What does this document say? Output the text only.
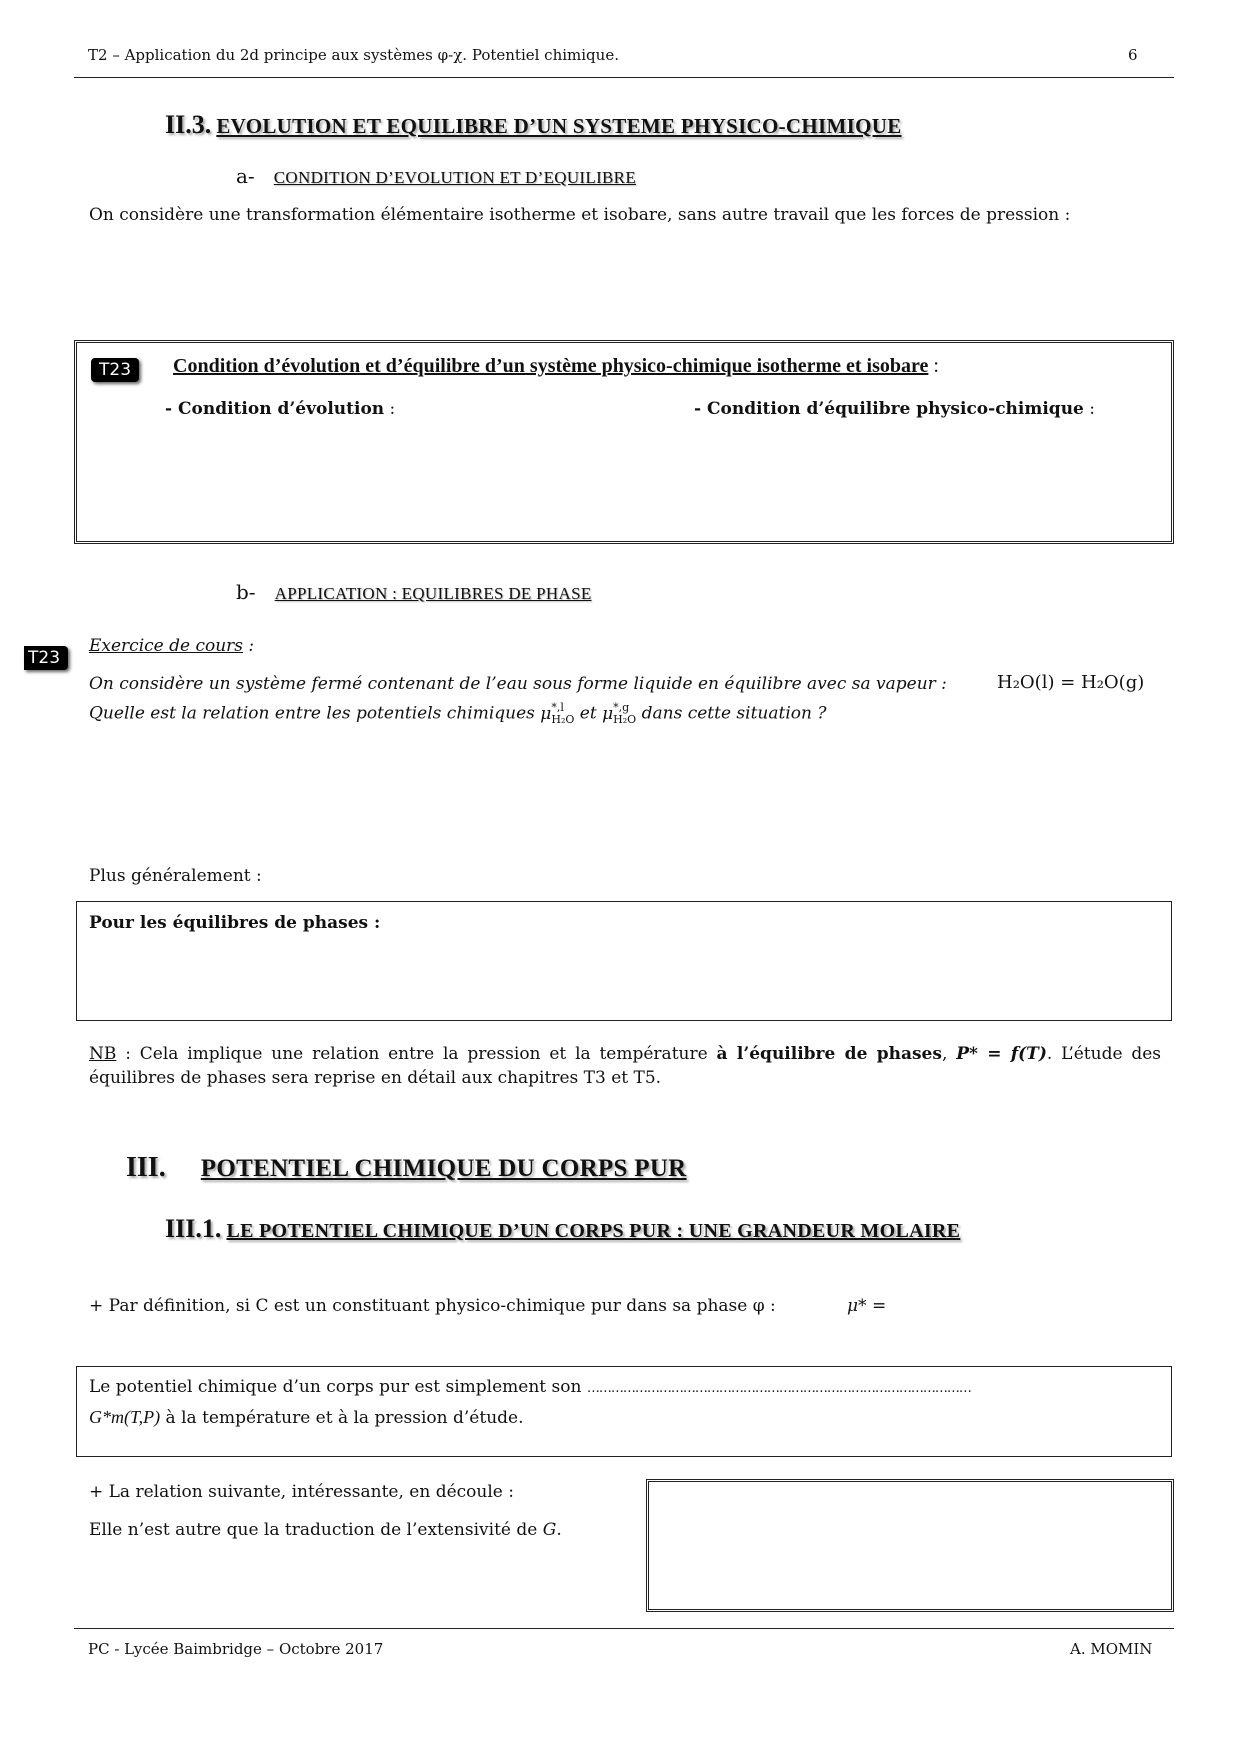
T2 – Application du 2d principe aux systèmes φ-χ. Potentiel chimique.	6
II.3. EVOLUTION ET EQUILIBRE D’UN SYSTEME PHYSICO-CHIMIQUE
a- CONDITION D’EVOLUTION ET D’EQUILIBRE
On considère une transformation élémentaire isotherme et isobare, sans autre travail que les forces de pression :
T23	Condition d’évolution et d’équilibre d’un système physico-chimique isotherme et isobare :
- Condition d’évolution :	- Condition d’équilibre physico-chimique :
b- APPLICATION : EQUILIBRES DE PHASE
T23
Exercice de cours :
On considère un système fermé contenant de l’eau sous forme liquide en équilibre avec sa vapeur :	H₂O(l) = H₂O(g)
Quelle est la relation entre les potentiels chimiques μ *,l
H₂O et μ *,g
H₂O dans cette situation ?
Plus généralement :
Pour les équilibres de phases :
NB : Cela implique une relation entre la pression et la température à l’équilibre de phases, P* = f(T). L’étude des équilibres de phases sera reprise en détail aux chapitres T3 et T5.
III. POTENTIEL CHIMIQUE DU CORPS PUR
III.1. LE POTENTIEL CHIMIQUE D’UN CORPS PUR : UNE GRANDEUR MOLAIRE
+ Par définition, si C est un constituant physico-chimique pur dans sa phase φ :	μ* =
Le potentiel chimique d’un corps pur est simplement son ……………………………………………………………………………………
G*m(T,P) à la température et à la pression d’étude.
+ La relation suivante, intéressante, en découle :
Elle n’est autre que la traduction de l’extensivité de G.
PC - Lycée Baimbridge – Octobre 2017	A. MOMIN
